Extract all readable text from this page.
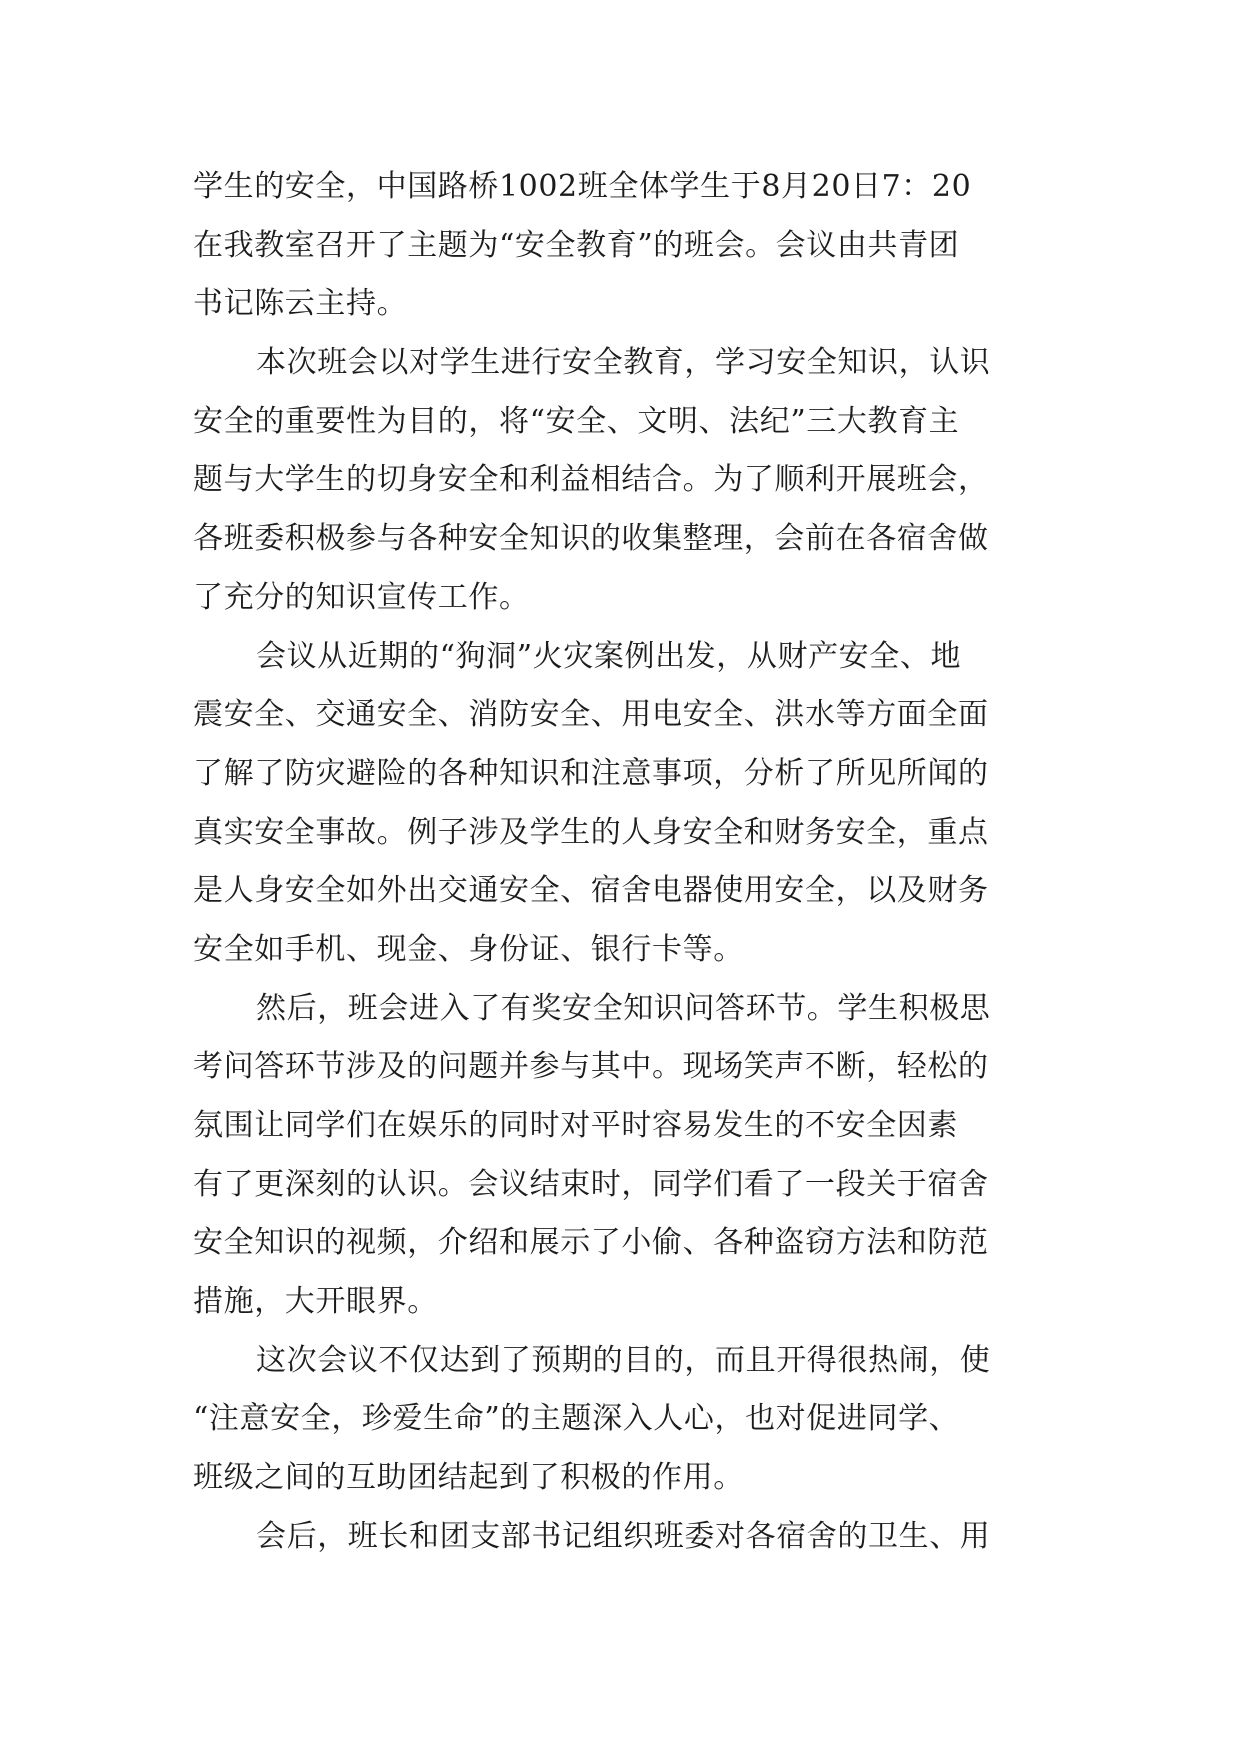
学生的安全，中国路桥1002班全体学生于8月20日7：20
在我教室召开了主题为“安全教育”的班会。会议由共青团
书记陈云主持。
本次班会以对学生进行安全教育，学习安全知识，认识
安全的重要性为目的，将“安全、文明、法纪”三大教育主
题与大学生的切身安全和利益相结合。为了顺利开展班会，
各班委积极参与各种安全知识的收集整理，会前在各宿舍做
了充分的知识宣传工作。
会议从近期的“狗洞”火灾案例出发，从财产安全、地
震安全、交通安全、消防安全、用电安全、洪水等方面全面
了解了防灾避险的各种知识和注意事项，分析了所见所闻的
真实安全事故。例子涉及学生的人身安全和财务安全，重点
是人身安全如外出交通安全、宿舍电器使用安全，以及财务
安全如手机、现金、身份证、银行卡等。
然后，班会进入了有奖安全知识问答环节。学生积极思
考问答环节涉及的问题并参与其中。现场笑声不断，轻松的
氛围让同学们在娱乐的同时对平时容易发生的不安全因素
有了更深刻的认识。会议结束时，同学们看了一段关于宿舍
安全知识的视频，介绍和展示了小偷、各种盗窃方法和防范
措施，大开眼界。
这次会议不仅达到了预期的目的，而且开得很热闹，使
“注意安全，珍爱生命”的主题深入人心，也对促进同学、
班级之间的互助团结起到了积极的作用。
会后，班长和团支部书记组织班委对各宿舍的卫生、用
